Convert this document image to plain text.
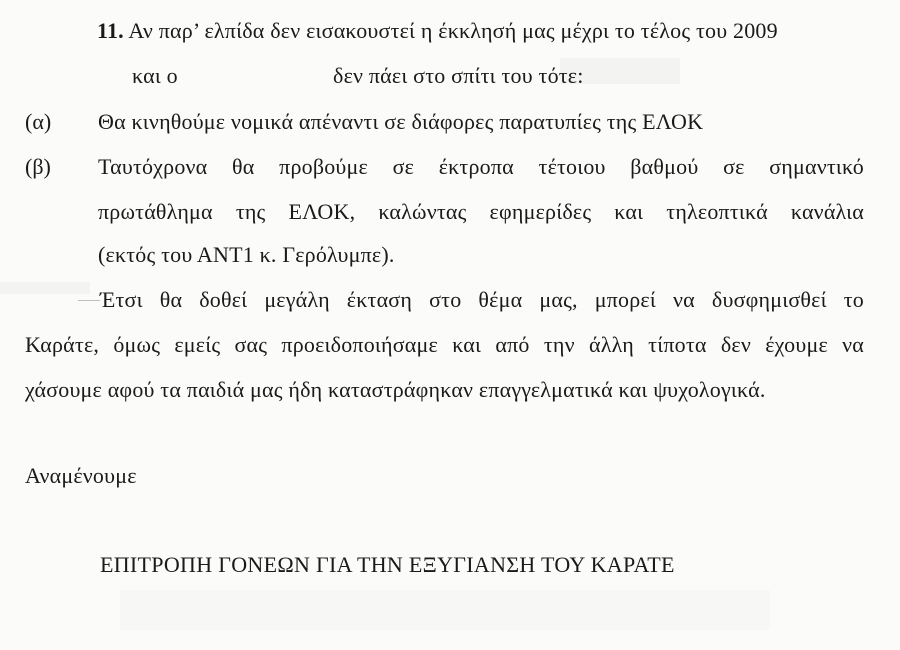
11. Αν παρ’ ελπίδα δεν εισακουστεί η έκκλησή μας μέχρι το τέλος του 2009
και ο	δεν πάει στο σπίτι του τότε:
(α) Θα κινηθούμε νομικά απέναντι σε διάφορες παρατυπίες της ΕΛΟΚ
(β) Ταυτόχρονα θα προβούμε σε έκτροπα τέτοιου βαθμού σε σημαντικό
πρωτάθλημα της ΕΛΟΚ, καλώντας εφημερίδες και τηλεοπτικά κανάλια
(εκτός του ΑΝΤ1 κ. Γερόλυμπε).
Έτσι θα δοθεί μεγάλη έκταση στο θέμα μας, μπορεί να δυσφημισθεί το
Καράτε, όμως εμείς σας προειδοποιήσαμε και από την άλλη τίποτα δεν έχουμε να
χάσουμε αφού τα παιδιά μας ήδη καταστράφηκαν επαγγελματικά και ψυχολογικά.
Αναμένουμε
ΕΠΙΤΡΟΠΗ ΓΟΝΕΩΝ ΓΙΑ ΤΗΝ ΕΞΥΓΙΑΝΣΗ ΤΟΥ ΚΑΡΑΤΕ
